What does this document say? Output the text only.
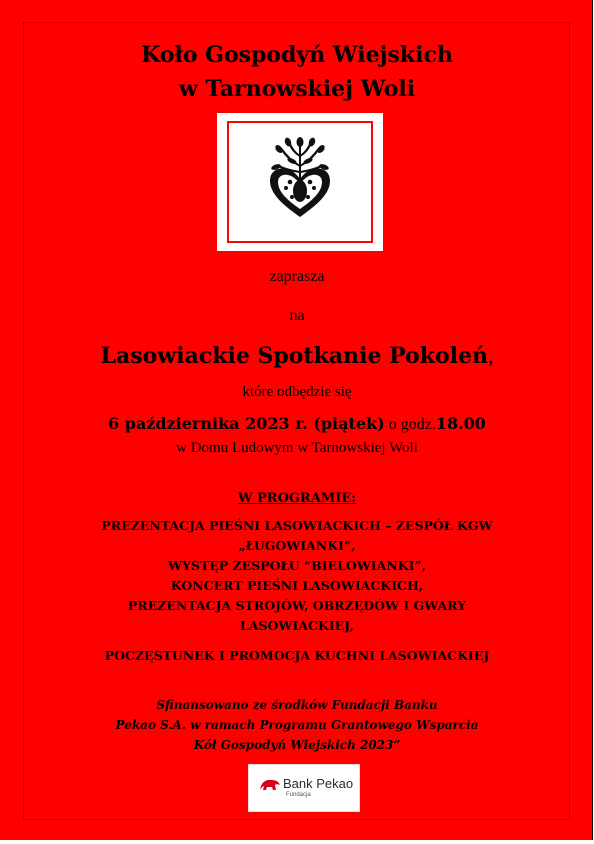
Koło Gospodyń Wiejskich
w Tarnowskiej Woli
zaprasza
na
Lasowiackie Spotkanie Pokoleń,
które odbędzie się
6 października 2023 r. (piątek) o godz.18.00
w Domu Ludowym w Tarnowskiej Woli
W PROGRAMIE:
PREZENTACJA PIEŚNI LASOWIACKICH – ZESPÓŁ KGW
„ŁUGOWIANKI”,
WYSTĘP ZESPOŁU “BIELOWIANKI”,
KONCERT PIEŚNI LASOWIACKICH,
PREZENTACJA STROJÓW, OBRZĘDÓW I GWARY
LASOWIACKIEJ,
POCZĘSTUNEK I PROMOCJA KUCHNI LASOWIACKIEJ
Sfinansowano ze środków Fundacji Banku
Pekao S.A. w ramach Programu Grantowego Wsparcia
Kół Gospodyń Wiejskich 2023”
Bank Pekao
Fundacja
